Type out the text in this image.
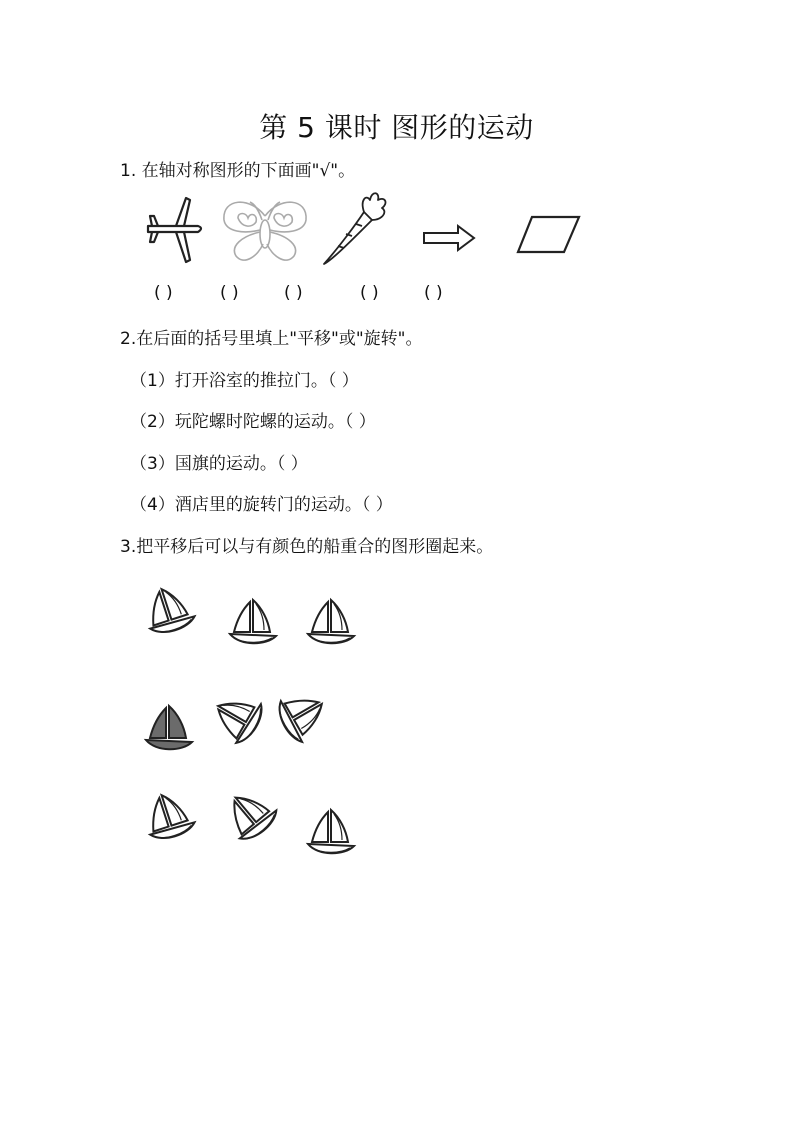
第 5 课时 图形的运动
1. 在轴对称图形的下面画"√"。
( )	( )	( )	( )	( )
2.在后面的括号里填上"平移"或"旋转"。
（1）打开浴室的推拉门。（ ）
（2）玩陀螺时陀螺的运动。（ ）
（3）国旗的运动。（ ）
（4）酒店里的旋转门的运动。（ ）
3.把平移后可以与有颜色的船重合的图形圈起来。
